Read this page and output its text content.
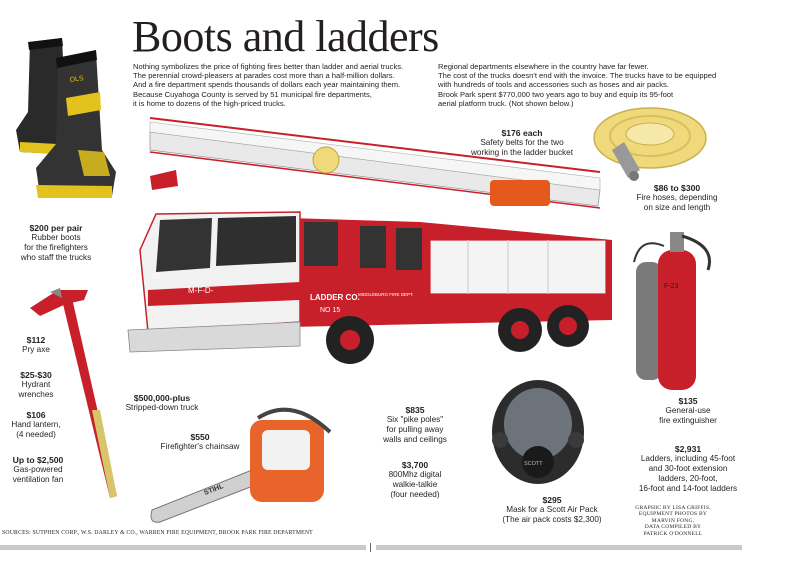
Boots and ladders
Nothing symbolizes the price of fighting fires better than ladder and aerial trucks.
The perennial crowd-pleasers at parades cost more than a half-million dollars.
And a fire department spends thousands of dollars each year maintaining them.
Because Cuyahoga County is served by 51 municipal fire departments,
it is home to dozens of the high-priced trucks.
Regional departments elsewhere in the country have far fewer.
The cost of the trucks doesn't end with the invoice. The trucks have to be equipped
with hundreds of tools and accessories such as hoses and air packs.
Brook Park spent $770,000 two years ago to buy and equip its 95-foot
aerial platform truck. (Not shown below.)
OLS
M-F-D-
LADDER CO.
NO 15
15
MIDDLEBURG FIRE DEPT.
F-23
STIHL
SCOTT
$200 per pair
Rubber boots
for the firefighters
who staff the trucks
$176 each
Safety belts for the two
working in the ladder bucket
$86 to $300
Fire hoses, depending
on size and length
$112
Pry axe
$25-$30
Hydrant
wrenches
$106
Hand lantern,
(4 needed)
Up to $2,500
Gas-powered
ventilation fan
$500,000-plus
Stripped-down truck
$550
Firefighter's chainsaw
$835
Six "pike poles"
for pulling away
walls and ceilings
$3,700
800Mhz digital
walkie-talkie
(four needed)
$295
Mask for a Scott Air Pack
(The air pack costs $2,300)
$135
General-use
fire extinguisher
$2,931
Ladders, including 45-foot
and 30-foot extension
ladders, 20-foot,
16-foot and 14-foot ladders
GRAPHIC BY LISA GRIFFIS.
EQUIPMENT PHOTOS BY
MARVIN FONG,
DATA COMPILED BY
PATRICK O'DONNELL
SOURCES: SUTPHEN CORP., W.S. DARLEY & CO., WARREN FIRE EQUIPMENT, BROOK PARK FIRE DEPARTMENT
